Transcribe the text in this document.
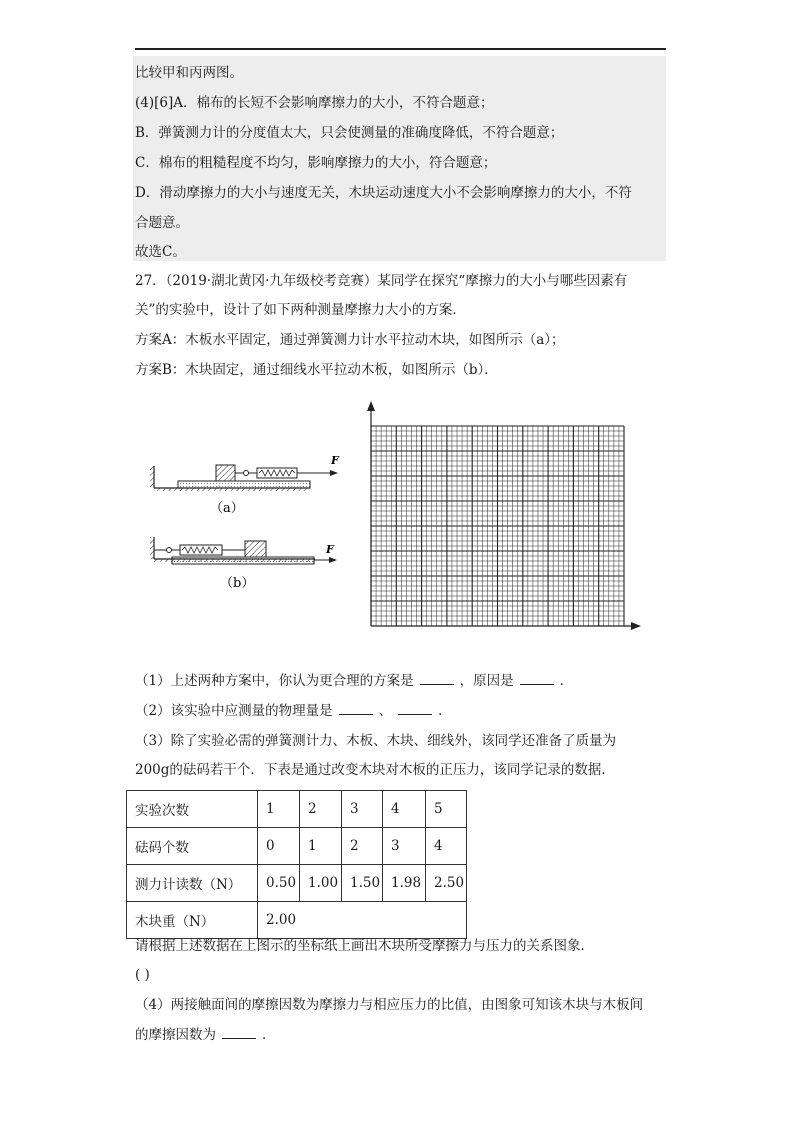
比较甲和丙两图。
(4)[6]A．棉布的长短不会影响摩擦力的大小，不符合题意；
B．弹簧测力计的分度值太大，只会使测量的准确度降低，不符合题意；
C．棉布的粗糙程度不均匀，影响摩擦力的大小，符合题意；
D．滑动摩擦力的大小与速度无关，木块运动速度大小不会影响摩擦力的大小，不符
合题意。
故选C。
27．（2019·湖北黄冈·九年级校考竞赛）某同学在探究“摩擦力的大小与哪些因素有
关”的实验中，设计了如下两种测量摩擦力大小的方案．
方案A：木板水平固定，通过弹簧测力计水平拉动木块，如图所示（a）；
方案B：木块固定，通过细线水平拉动木板，如图所示（b）．
F
（a）
F
（b）
（1）上述两种方案中，你认为更合理的方案是	，原因是	．
（2）该实验中应测量的物理量是	、	．
（3）除了实验必需的弹簧测计力、木板、木块、细线外，该同学还准备了质量为
200g的砝码若干个．下表是通过改变木块对木板的正压力，该同学记录的数据．
实验次数	1	2	3	4	5
砝码个数	0	1	2	3	4
测力计读数（N）	0.50	1.00	1.50	1.98	2.50
木块重（N）	2.00				
请根据上述数据在上图示的坐标纸上画出木块所受摩擦力与压力的关系图象．
( )
（4）两接触面间的摩擦因数为摩擦力与相应压力的比值，由图象可知该木块与木板间
的摩擦因数为	．
